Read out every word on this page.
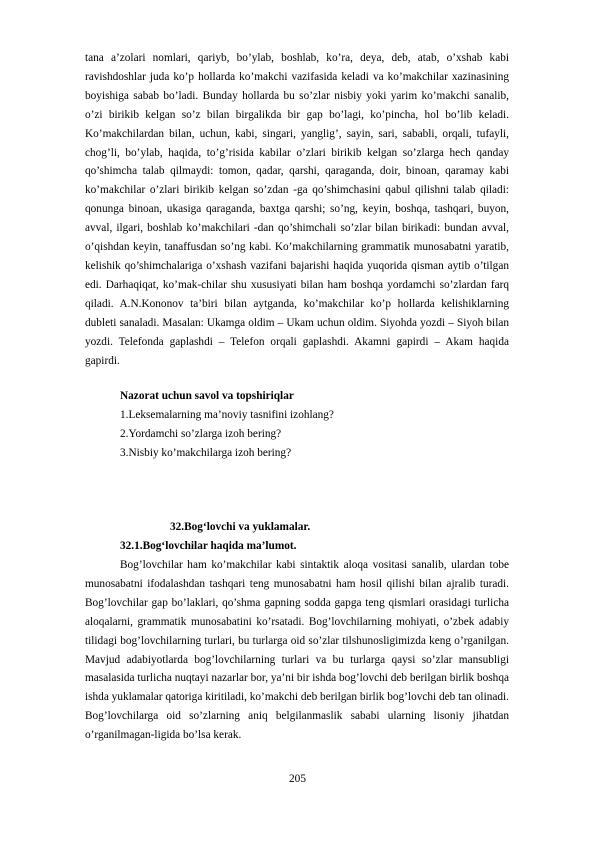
tana a’zolari nomlari, qariyb, bo’ylab, boshlab, ko’ra, deya, deb, atab, o’xshab kabi ravishdoshlar juda ko’p hollarda ko’makchi vazifasida keladi va ko’makchilar xazinasining boyishiga sabab bo’ladi. Bunday hollarda bu so’zlar nisbiy yoki yarim ko’makchi sanalib, o’zi birikib kelgan so’z bilan birgalikda bir gap bo’lagi, ko’pincha, hol bo’lib keladi. Ko’makchilardan bilan, uchun, kabi, singari, yanglig’, sayin, sari, sababli, orqali, tufayli, chog’li, bo’ylab, haqida, to’g’risida kabilar o’zlari birikib kelgan so’zlarga hech qanday qo’shimcha talab qilmaydi: tomon, qadar, qarshi, qaraganda, doir, binoan, qaramay kabi ko’makchilar o’zlari birikib kelgan so’zdan -ga qo’shimchasini qabul qilishni talab qiladi: qonunga binoan, ukasiga qaraganda, baxtga qarshi; so’ng, keyin, boshqa, tashqari, buyon, avval, ilgari, boshlab ko’makchilari -dan qo’shimchali so’zlar bilan birikadi: bundan avval, o’qishdan keyin, tanaffusdan so’ng kabi. Ko’makchilarning grammatik munosabatni yaratib, kelishik qo’shimchalariga o’xshash vazifani bajarishi haqida yuqorida qisman aytib o’tilgan edi. Darhaqiqat, ko’mak-chilar shu xususiyati bilan ham boshqa yordamchi so’zlardan farq qiladi. A.N.Kononov ta’biri bilan aytganda, ko’makchilar ko’p hollarda kelishiklarning dubleti sanaladi. Masalan: Ukamga oldim – Ukam uchun oldim. Siyohda yozdi – Siyoh bilan yozdi. Telefonda gaplashdi – Telefon orqali gaplashdi. Akamni gapirdi – Akam haqida gapirdi.

Nazorat uchun savol va topshiriqlar

1.Leksemalarning ma’noviy tasnifini izohlang?

2.Yordamchi so’zlarga izoh bering?

3.Nisbiy ko’makchilarga izoh bering?

32.Bog‘lovchi va yuklamalar.

32.1.Bog‘lovchilar haqida ma’lumot.

Bog’lovchilar ham ko’makchilar kabi sintaktik aloqa vositasi sanalib, ulardan tobe munosabatni ifodalashdan tashqari teng munosabatni ham hosil qilishi bilan ajralib turadi. Bog’lovchilar gap bo’laklari, qo’shma gapning sodda gapga teng qismlari orasidagi turlicha aloqalarni, grammatik munosabatini ko’rsatadi. Bog’lovchilarning mohiyati, o’zbek adabiy tilidagi bog’lovchilarning turlari, bu turlarga oid so’zlar tilshunosligimizda keng o’rganilgan. Mavjud adabiyotlarda bog’lovchilarning turlari va bu turlarga qaysi so’zlar mansubligi masalasida turlicha nuqtayi nazarlar bor, ya’ni bir ishda bog’lovchi deb berilgan birlik boshqa ishda yuklamalar qatoriga kiritiladi, ko’makchi deb berilgan birlik bog’lovchi deb tan olinadi. Bog’lovchilarga oid so’zlarning aniq belgilanmaslik sababi ularning lisoniy jihatdan o’rganilmagan-ligida bo’lsa kerak.

205
